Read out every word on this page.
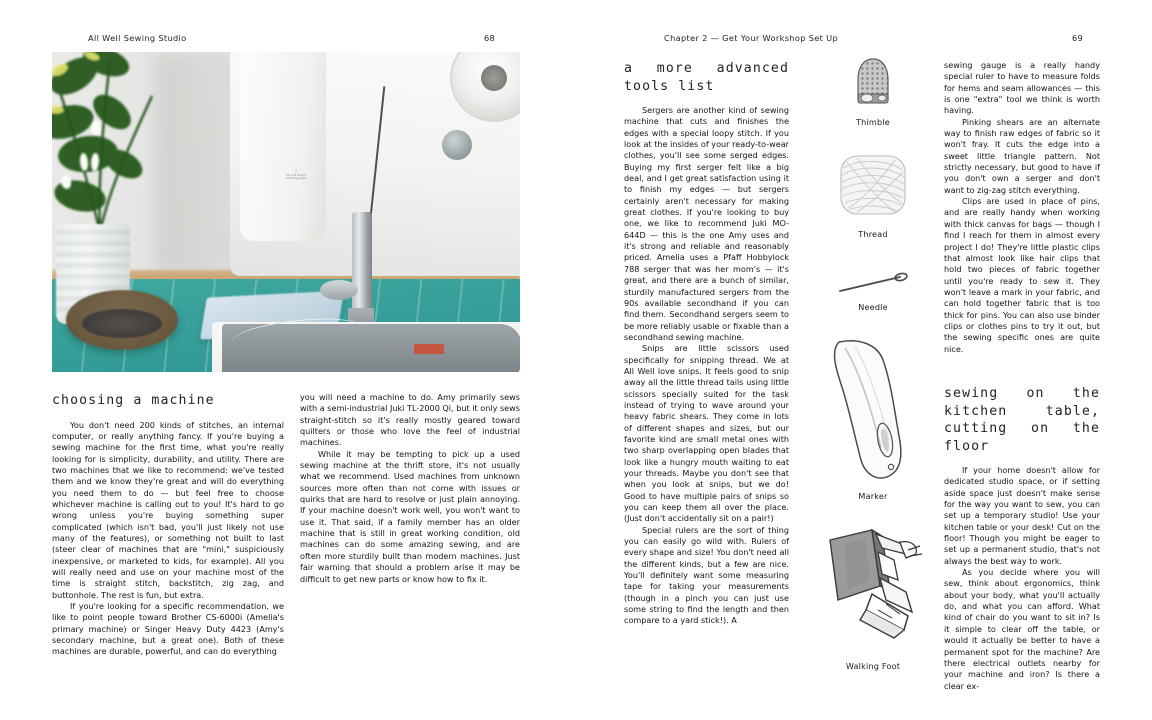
All Well Sewing Studio	68
⚠
do not touch
moving parts
choosing a machine

You don't need 200 kinds of stitches, an internal computer, or really anything fancy. If you're buying a sewing machine for the first time, what you're really looking for is simplicity, durability, and utility. There are two machines that we like to recommend: we've tested them and we know they're great and will do everything you need them to do — but feel free to choose whichever machine is calling out to you! It's hard to go wrong unless you're buying something super complicated (which isn't bad, you'll just likely not use many of the features), or something not built to last (steer clear of machines that are "mini," suspiciously inexpensive, or marketed to kids, for example). All you will really need and use on your machine most of the time is straight stitch, backstitch, zig zag, and buttonhole. The rest is fun, but extra.

If you're looking for a specific recommendation, we like to point people toward Brother CS-6000i (Amelia's primary machine) or Singer Heavy Duty 4423 (Amy's secondary machine, but a great one). Both of these machines are durable, powerful, and can do everything

you will need a machine to do. Amy primarily sews with a semi-industrial Juki TL-2000 Qi, but it only sews straight-stitch so it's really mostly geared toward quilters or those who love the feel of industrial machines.

While it may be tempting to pick up a used sewing machine at the thrift store, it's not usually what we recommend. Used machines from unknown sources more often than not come with issues or quirks that are hard to resolve or just plain annoying. If your machine doesn't work well, you won't want to use it. That said, if a family member has an older machine that is still in great working condition, old machines can do some amazing sewing, and are often more sturdily built than modern machines. Just fair warning that should a problem arise it may be difficult to get new parts or know how to fix it.

Chapter 2 — Get Your Workshop Set Up	69
a more advanced tools list

Sergers are another kind of sewing machine that cuts and finishes the edges with a special loopy stitch. If you look at the insides of your ready-to-wear clothes, you'll see some serged edges. Buying my first serger felt like a big deal, and I get great satisfaction using it to finish my edges — but sergers certainly aren't necessary for making great clothes. If you're looking to buy one, we like to recommend Juki MO-644D — this is the one Amy uses and it's strong and reliable and reasonably priced. Amelia uses a Pfaff Hobbylock 788 serger that was her mom's — it's great, and there are a bunch of similar, sturdily manufactured sergers from the 90s available secondhand if you can find them. Secondhand sergers seem to be more reliably usable or fixable than a secondhand sewing machine.

Snips are little scissors used specifically for snipping thread. We at All Well love snips. It feels good to snip away all the little thread tails using little scissors specially suited for the task instead of trying to wave around your heavy fabric shears. They come in lots of different shapes and sizes, but our favorite kind are small metal ones with two sharp overlapping open blades that look like a hungry mouth waiting to eat your threads. Maybe you don't see that when you look at snips, but we do! Good to have multiple pairs of snips so you can keep them all over the place. (Just don't accidentally sit on a pair!)

Special rulers are the sort of thing you can easily go wild with. Rulers of every shape and size! You don't need all the different kinds, but a few are nice. You'll definitely want some measuring tape for taking your measurements (though in a pinch you can just use some string to find the length and then compare to a yard stick!). A

sewing gauge is a really handy special ruler to have to measure folds for hems and seam allowances — this is one "extra" tool we think is worth having.

Pinking shears are an alternate way to finish raw edges of fabric so it won't fray. It cuts the edge into a sweet little triangle pattern. Not strictly necessary, but good to have if you don't own a serger and don't want to zig-zag stitch everything.

Clips are used in place of pins, and are really handy when working with thick canvas for bags — though I find I reach for them in almost every project I do! They're little plastic clips that almost look like hair clips that hold two pieces of fabric together until you're ready to sew it. They won't leave a mark in your fabric, and can hold together fabric that is too thick for pins. You can also use binder clips or clothes pins to try it out, but the sewing specific ones are quite nice.

sewing on the kitchen table, cutting on the floor

If your home doesn't allow for dedicated studio space, or if setting aside space just doesn't make sense for the way you want to sew, you can set up a temporary studio! Use your kitchen table or your desk! Cut on the floor! Though you might be eager to set up a permanent studio, that's not always the best way to work.

As you decide where you will sew, think about ergonomics, think about your body, what you'll actually do, and what you can afford. What kind of chair do you want to sit in? Is it simple to clear off the table, or would it actually be better to have a permanent spot for the machine? Are there electrical outlets nearby for your machine and iron? Is there a clear ex-

Thimble
Thread
Needle
Marker
Walking Foot
